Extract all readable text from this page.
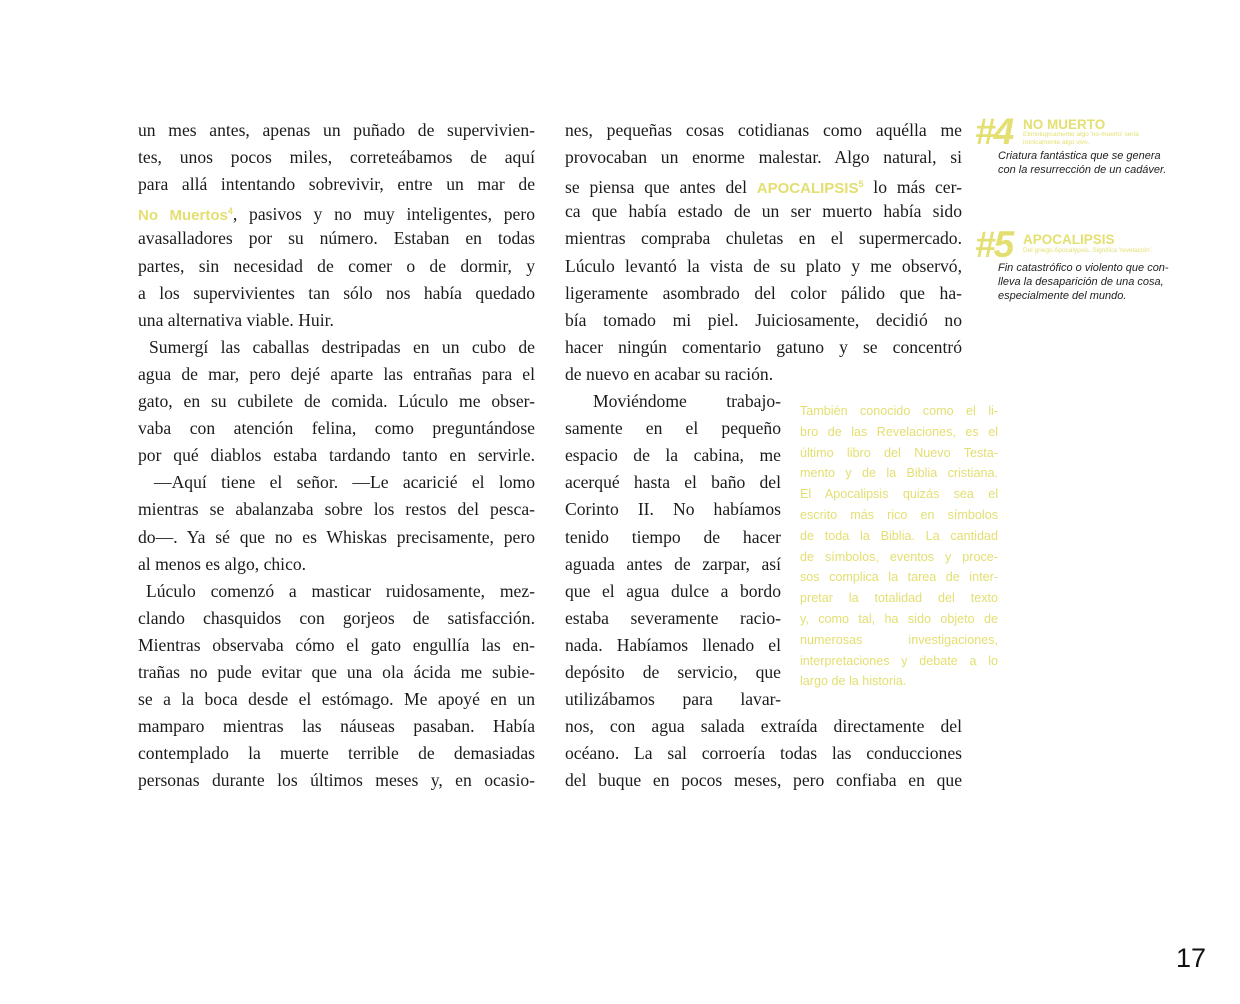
un mes antes, apenas un puñado de supervivien-
tes, unos pocos miles, correteábamos de aquí
para allá intentando sobrevivir, entre un mar de
No Muertos$^4$, pasivos y no muy inteligentes, pero
avasalladores por su número. Estaban en todas
partes, sin necesidad de comer o de dormir, y
a los supervivientes tan sólo nos había quedado
una alternativa viable. Huir.
Sumergí las caballas destripadas en un cubo de
agua de mar, pero dejé aparte las entrañas para el
gato, en su cubilete de comida. Lúculo me obser-
vaba con atención felina, como preguntándose
por qué diablos estaba tardando tanto en servirle.
—Aquí tiene el señor. —Le acaricié el lomo
mientras se abalanzaba sobre los restos del pesca-
do—. Ya sé que no es Whiskas precisamente, pero
al menos es algo, chico.
Lúculo comenzó a masticar ruidosamente, mez-
clando chasquidos con gorjeos de satisfacción.
Mientras observaba cómo el gato engullía las en-
trañas no pude evitar que una ola ácida me subie-
se a la boca desde el estómago. Me apoyé en un
mamparo mientras las náuseas pasaban. Había
contemplado la muerte terrible de demasiadas
personas durante los últimos meses y, en ocasio-
nes, pequeñas cosas cotidianas como aquélla me
provocaban un enorme malestar. Algo natural, si
se piensa que antes del APOCALIPSIS$^5$ lo más cer-
ca que había estado de un ser muerto había sido
mientras compraba chuletas en el supermercado.
Lúculo levantó la vista de su plato y me observó,
ligeramente asombrado del color pálido que ha-
bía tomado mi piel. Juiciosamente, decidió no
hacer ningún comentario gatuno y se concentró
de nuevo en acabar su ración.
Moviéndome trabajo-
samente en el pequeño
espacio de la cabina, me
acerqué hasta el baño del
Corinto II. No habíamos
tenido tiempo de hacer
aguada antes de zarpar, así
que el agua dulce a bordo
estaba severamente racio-
nada. Habíamos llenado el
depósito de servicio, que
utilizábamos para lavar-
nos, con agua salada extraída directamente del
océano. La sal corroería todas las conducciones
del buque en pocos meses, pero confiaba en que
#4 NO MUERTO
Etimologicamente algo 'no-muerto' sería
ironicamente algo vivo.
Criatura fantástica que se genera
con la resurrección de un cadáver.
#5 APOCALIPSIS
Del griego Apocalypsis. Significa 'revelación'.
Fin catastrófico o violento que con-
lleva la desaparición de una cosa,
especialmente del mundo.
También conocido como el li-
bro de las Revelaciones, es el
último libro del Nuevo Testa-
mento y de la Biblia cristiana.
El Apocalipsis quizás sea el
escrito más rico en símbolos
de toda la Biblia. La cantidad
de símbolos, eventos y proce-
sos complica la tarea de inter-
pretar la totalidad del texto
y, como tal, ha sido objeto de
numerosas investigaciones,
interpretaciones y debate a lo
largo de la historia.
17
